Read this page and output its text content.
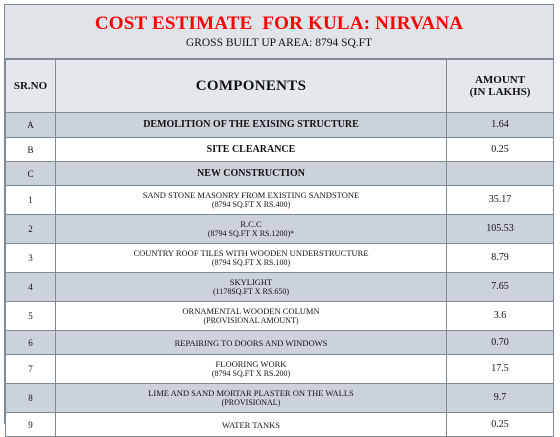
COST ESTIMATE  FOR KULA: NIRVANA
GROSS BUILT UP AREA: 8794 SQ.FT
SR.NO	COMPONENTS	AMOUNT
(IN LAKHS)

A	DEMOLITION OF THE EXISING STRUCTURE	1.64
B	SITE CLEARANCE	0.25
C	NEW CONSTRUCTION	

1	SAND STONE MASONRY FROM EXISTING SANDSTONE
(8794 SQ.FT X RS.400)	35.17
2	R.C.C
(8794 SQ.FT X RS.1200)*	105.53
3	COUNTRY ROOF TILES WITH WOODEN UNDERSTRUCTURE
(8794 SQ.FT X RS.100)	8.79
4	SKYLIGHT
(1178SQ.FT X RS.650)	7.65
5	ORNAMENTAL WOODEN COLUMN
(PROVISIONAL AMOUNT)	3.6
6	REPAIRING TO DOORS AND WINDOWS	0.70
7	FLOORING WORK
(8794 SQ.FT X RS.200)	17.5
8	LIME AND SAND MORTAR PLASTER ON THE WALLS
(PROVISIONAL)	9.7
9	WATER TANKS	0.25
